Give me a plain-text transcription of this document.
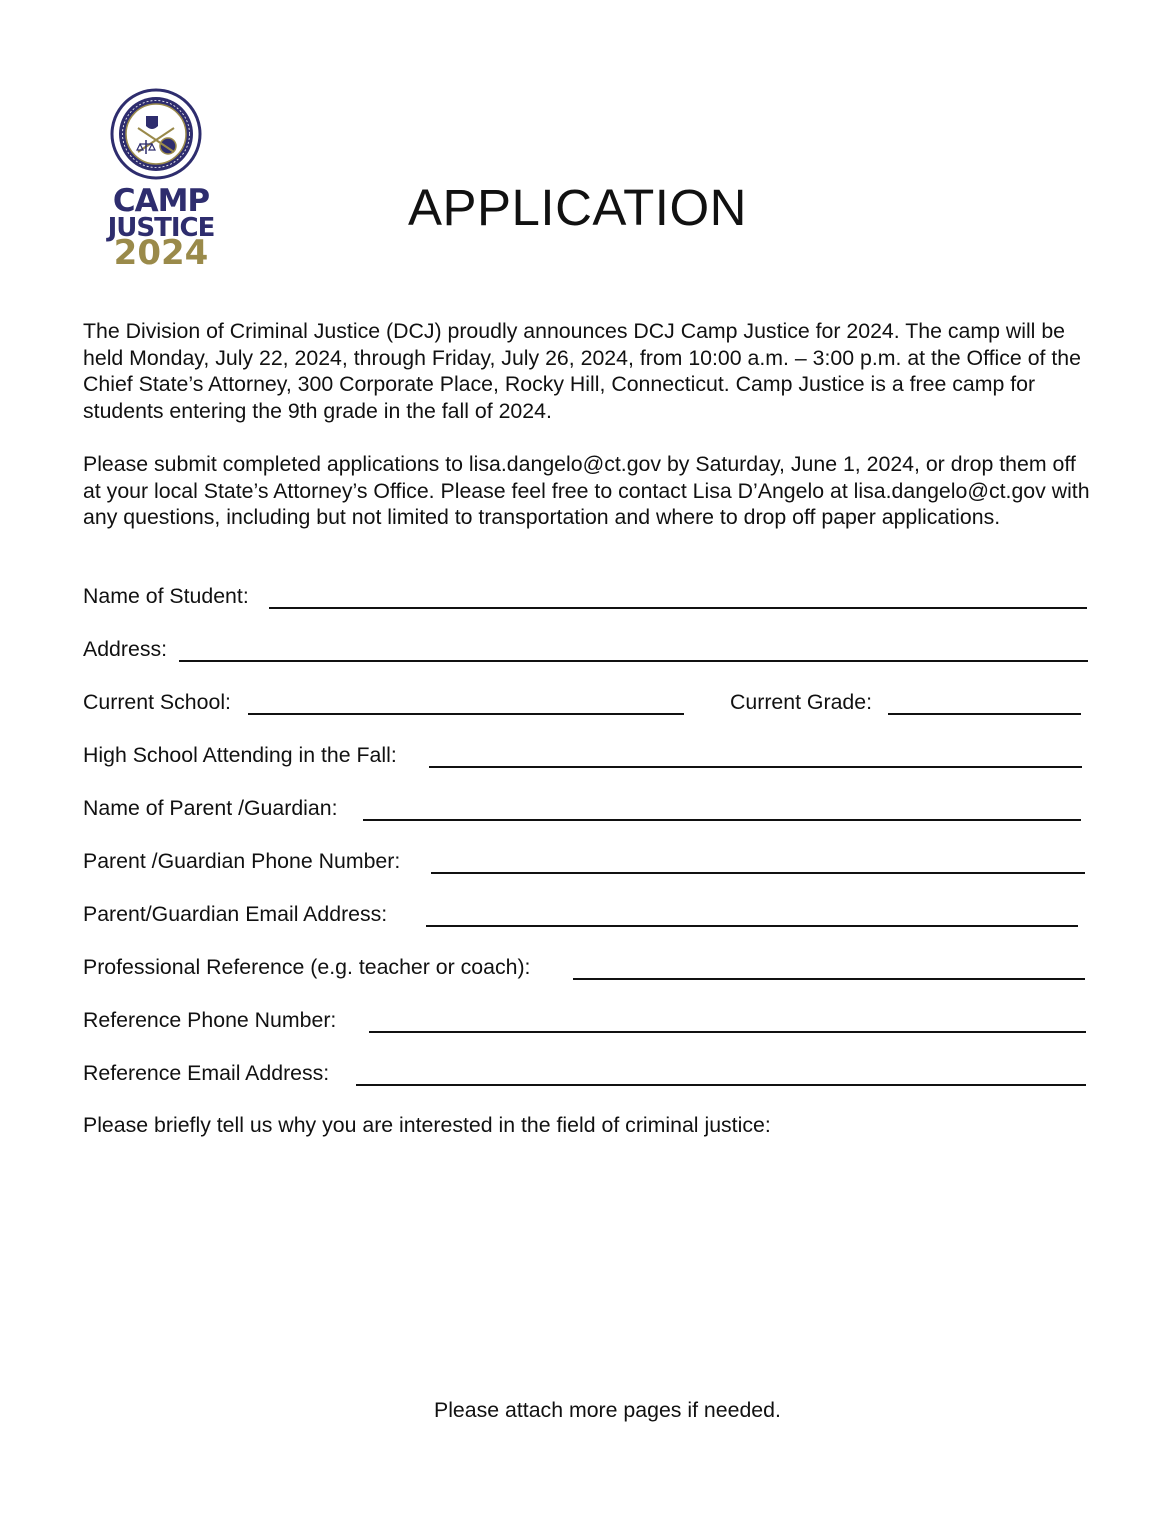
CAMP
JUSTICE
2024
APPLICATION

The Division of Criminal Justice (DCJ) proudly announces DCJ Camp Justice for 2024. The camp will be held Monday, July 22, 2024, through Friday, July 26, 2024, from 10:00 a.m. – 3:00 p.m. at the Office of the Chief State’s Attorney, 300 Corporate Place, Rocky Hill, Connecticut. Camp Justice is a free camp for students entering the 9th grade in the fall of 2024.

Please submit completed applications to lisa.dangelo@ct.gov by Saturday, June 1, 2024, or drop them off at your local State’s Attorney’s Office. Please feel free to contact Lisa D’Angelo at lisa.dangelo@ct.gov with any questions, including but not limited to transportation and where to drop off paper applications.

Name of Student:
Address:
Current School:	Current Grade:
High School Attending in the Fall:
Name of Parent /Guardian:
Parent /Guardian Phone Number:
Parent/Guardian Email Address:
Professional Reference (e.g. teacher or coach):
Reference Phone Number:
Reference Email Address:

Please briefly tell us why you are interested in the field of criminal justice:

Please attach more pages if needed.
